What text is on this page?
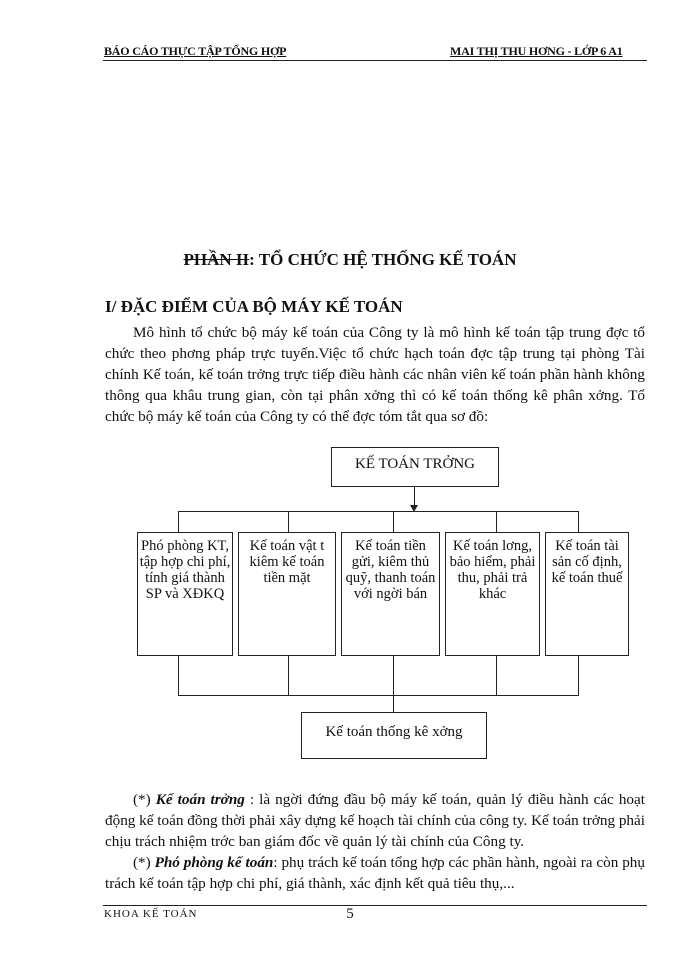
BÁO CÁO THỰC TẬP TỔNG HỢP	MAI THỊ THU HƠNG - LỚP 6 A1
PHẦN II: TỔ CHỨC HỆ THỐNG KẾ TOÁN
I/ ĐẶC ĐIỂM CỦA BỘ MÁY KẾ TOÁN

Mô hình tổ chức bộ máy kế toán của Công ty là mô hình kế toán tập trung đợc tổ chức theo phơng pháp trực tuyến.Việc tổ chức hạch toán đợc tập trung tại phòng Tài chính Kế toán, kế toán trởng trực tiếp điều hành các nhân viên kế toán phần hành không thông qua khâu trung gian, còn tại phân xởng thì có kế toán thống kê phân xởng. Tổ chức bộ máy kế toán của Công ty có thể đợc tóm tắt qua sơ đồ:

KẾ TOÁN TRỞNG
Phó phòng KT, tập hợp chi phí, tính giá thành SP và XĐKQ
Kế toán vật t kiêm kế toán tiền mặt
Kế toán tiền gửi, kiêm thủ quỹ, thanh toán với ngời bán
Kế toán lơng, bảo hiểm, phải thu, phải trả khác
Kế toán tài sản cố định, kế toán thuế
Kế toán thống kê xởng

(*) Kế toán trởng : là ngời đứng đầu bộ máy kế toán, quản lý điều hành các hoạt động kế toán đồng thời phải xây dựng kế hoạch tài chính của công ty. Kế toán trởng phải chịu trách nhiệm trớc ban giám đốc về quản lý tài chính của Công ty.

(*) Phó phòng kế toán: phụ trách kế toán tổng hợp các phần hành, ngoài ra còn phụ trách kế toán tập hợp chi phí, giá thành, xác định kết quả tiêu thụ,...

KHOA KẾ TOÁN	5
